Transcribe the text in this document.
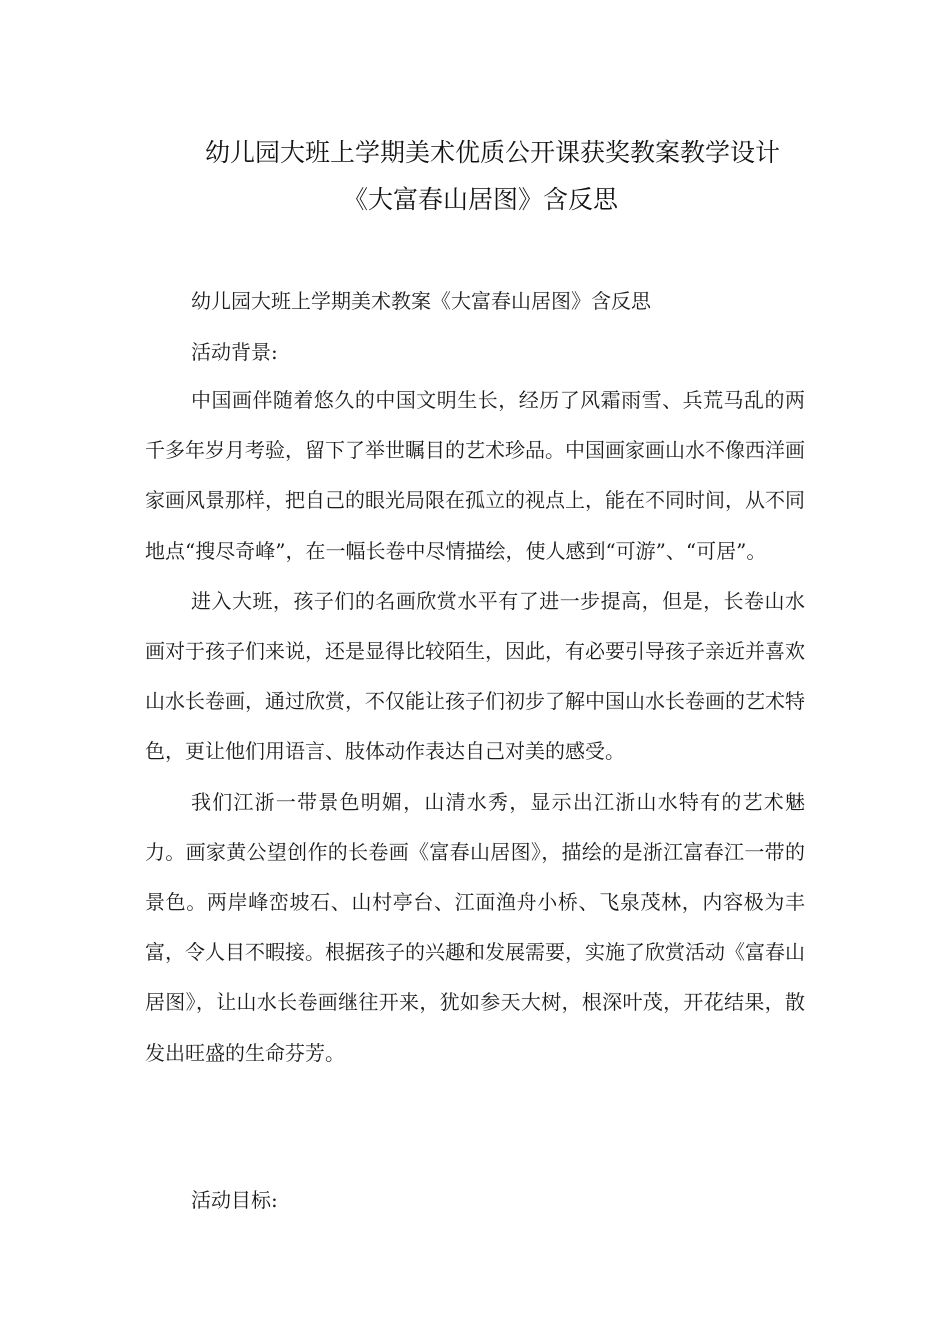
幼儿园大班上学期美术优质公开课获奖教案教学设计
《大富春山居图》含反思
幼儿园大班上学期美术教案《大富春山居图》含反思
活动背景:

中国画伴随着悠久的中国文明生长，经历了风霜雨雪、兵荒马乱的两千多年岁月考验，留下了举世瞩目的艺术珍品。中国画家画山水不像西洋画家画风景那样，把自己的眼光局限在孤立的视点上，能在不同时间，从不同地点“搜尽奇峰”，在一幅长卷中尽情描绘，使人感到“可游”、“可居”。

进入大班，孩子们的名画欣赏水平有了进一步提高，但是，长卷山水画对于孩子们来说，还是显得比较陌生，因此，有必要引导孩子亲近并喜欢山水长卷画，通过欣赏，不仅能让孩子们初步了解中国山水长卷画的艺术特色，更让他们用语言、肢体动作表达自己对美的感受。

我们江浙一带景色明媚，山清水秀，显示出江浙山水特有的艺术魅力。画家黄公望创作的长卷画《富春山居图》，描绘的是浙江富春江一带的景色。两岸峰峦坡石、山村亭台、江面渔舟小桥、飞泉茂林，内容极为丰富，令人目不暇接。根据孩子的兴趣和发展需要，实施了欣赏活动《富春山居图》，让山水长卷画继往开来，犹如参天大树，根深叶茂，开花结果，散发出旺盛的生命芬芳。

活动目标:
